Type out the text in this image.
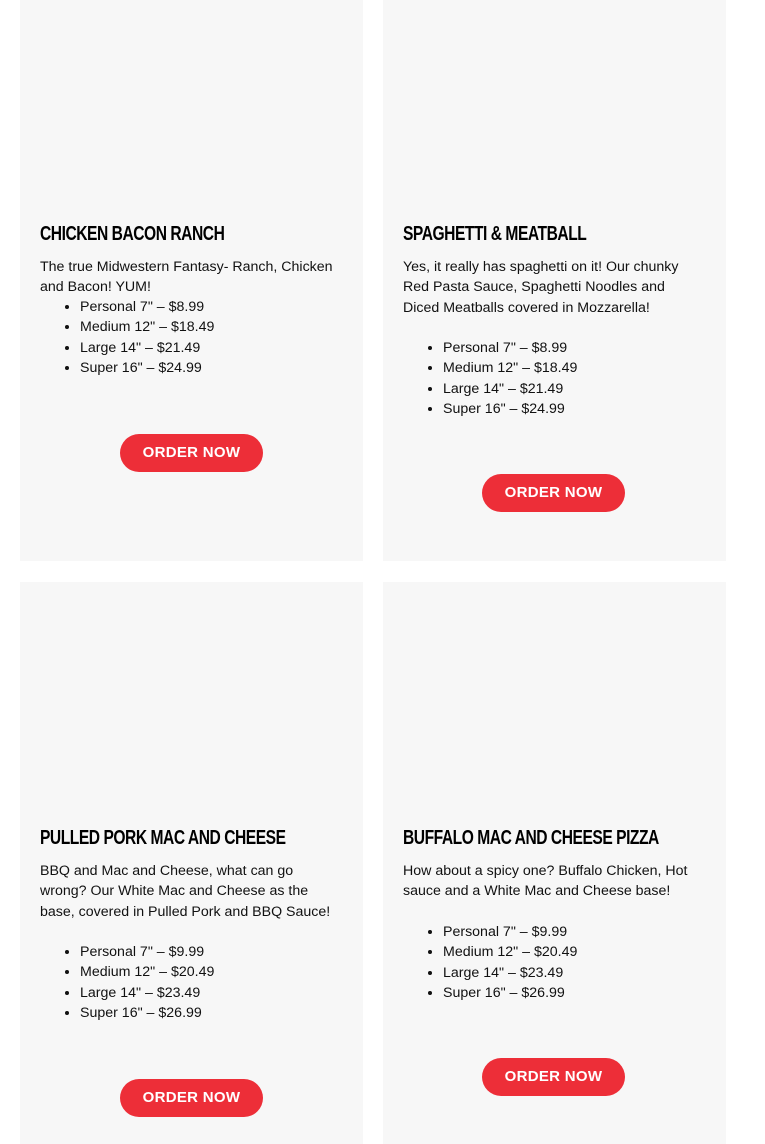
CHICKEN BACON RANCH

The true Midwestern Fantasy- Ranch, Chicken and Bacon! YUM!

• Personal 7" – $8.99
• Medium 12" – $18.49
• Large 14" – $21.49
• Super 16" – $24.99
ORDER NOW
SPAGHETTI & MEATBALL

Yes, it really has spaghetti on it! Our chunky Red Pasta Sauce, Spaghetti Noodles and Diced Meatballs covered in Mozzarella!

• Personal 7" – $8.99
• Medium 12" – $18.49
• Large 14" – $21.49
• Super 16" – $24.99
ORDER NOW
PULLED PORK MAC AND CHEESE

BBQ and Mac and Cheese, what can go wrong? Our White Mac and Cheese as the base, covered in Pulled Pork and BBQ Sauce!

• Personal 7" – $9.99
• Medium 12" – $20.49
• Large 14" – $23.49
• Super 16" – $26.99
ORDER NOW
BUFFALO MAC AND CHEESE PIZZA

How about a spicy one? Buffalo Chicken, Hot sauce and a White Mac and Cheese base!

• Personal 7" – $9.99
• Medium 12" – $20.49
• Large 14" – $23.49
• Super 16" – $26.99
ORDER NOW
